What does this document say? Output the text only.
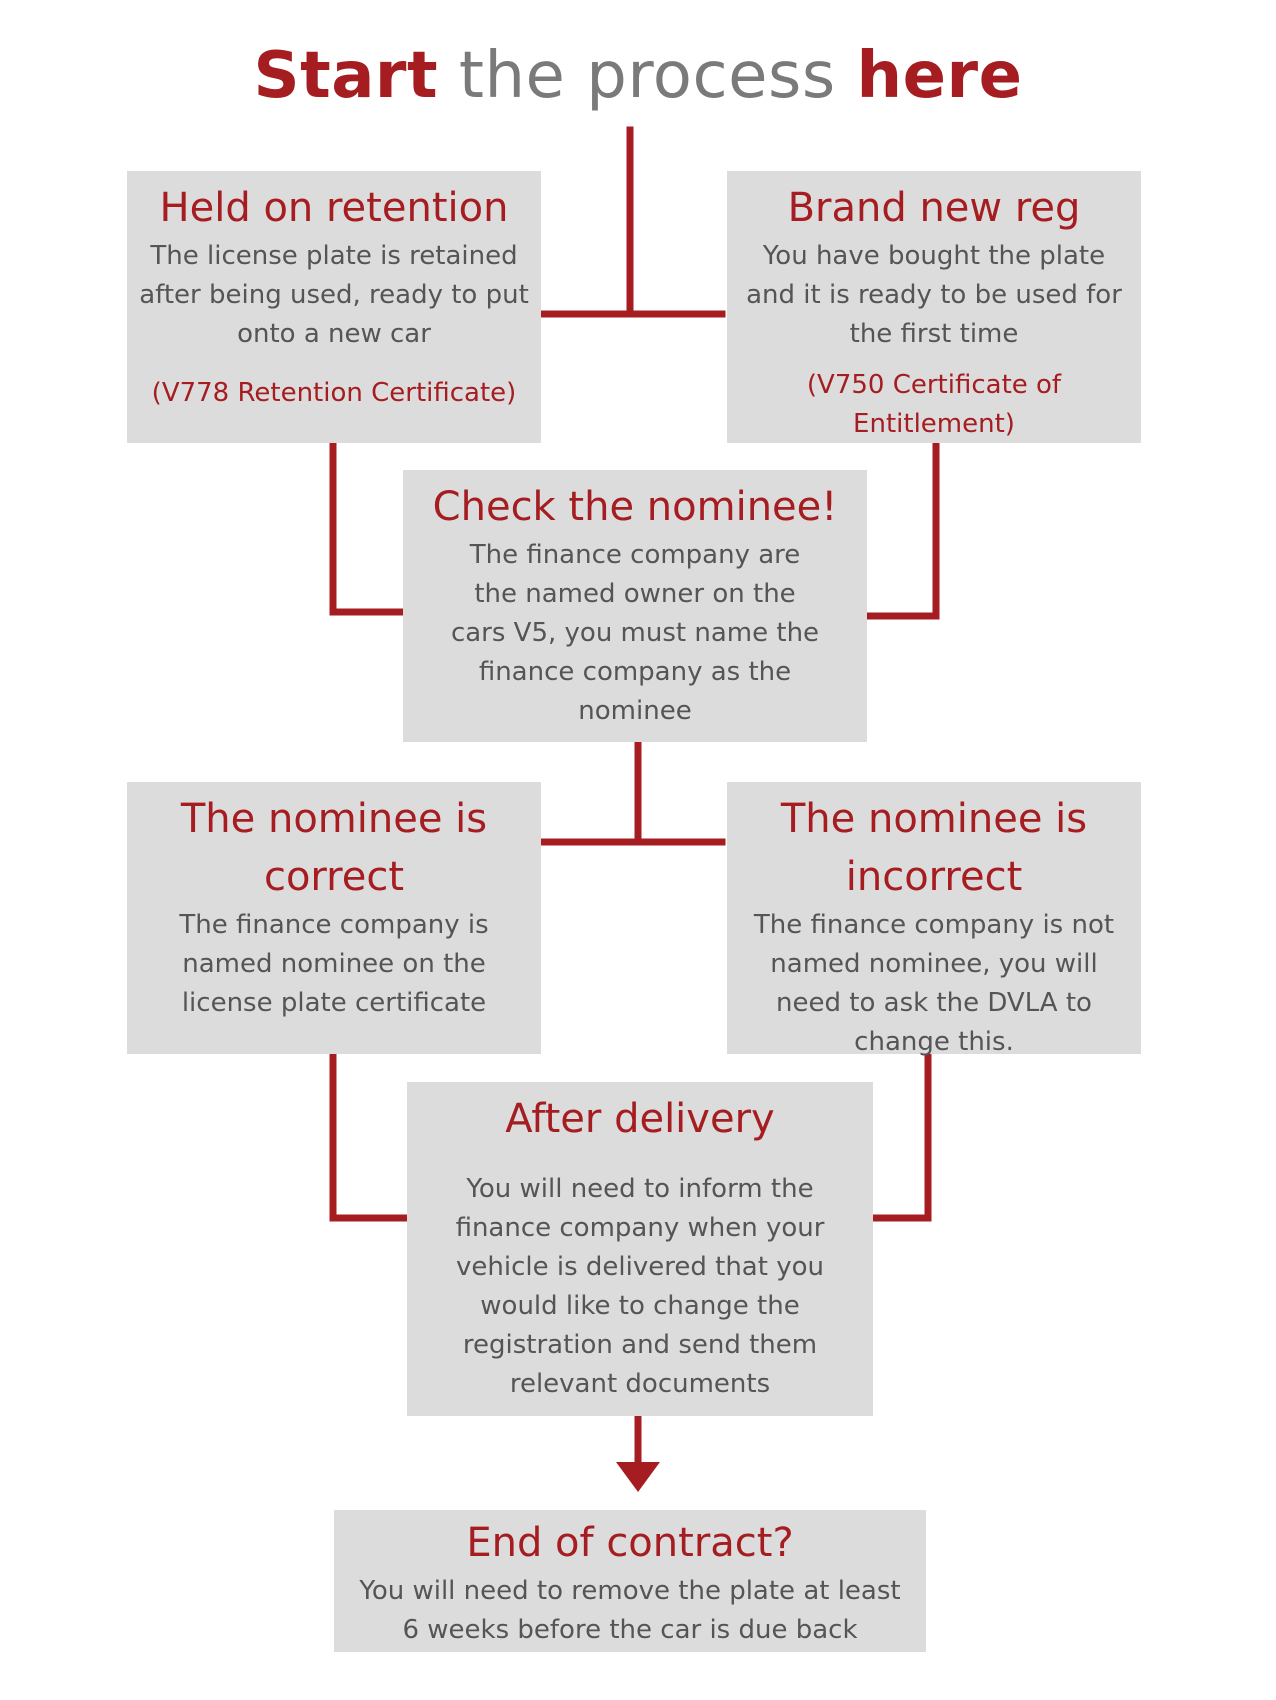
Start the process here
Held on retention

The license plate is retained after being used, ready to put onto a new car

(V778 Retention Certificate)

Brand new reg

You have bought the plate and it is ready to be used for the first time

(V750 Certificate of Entitlement)

Check the nominee!

The finance company are the named owner on the cars V5, you must name the finance company as the nominee

The nominee is correct

The finance company is named nominee on the license plate certificate

The nominee is incorrect

The finance company is not named nominee, you will need to ask the DVLA to change this.

After delivery

You will need to inform the finance company when your vehicle is delivered that you would like to change the registration and send them relevant documents

End of contract?

You will need to remove the plate at least 6 weeks before the car is due back
